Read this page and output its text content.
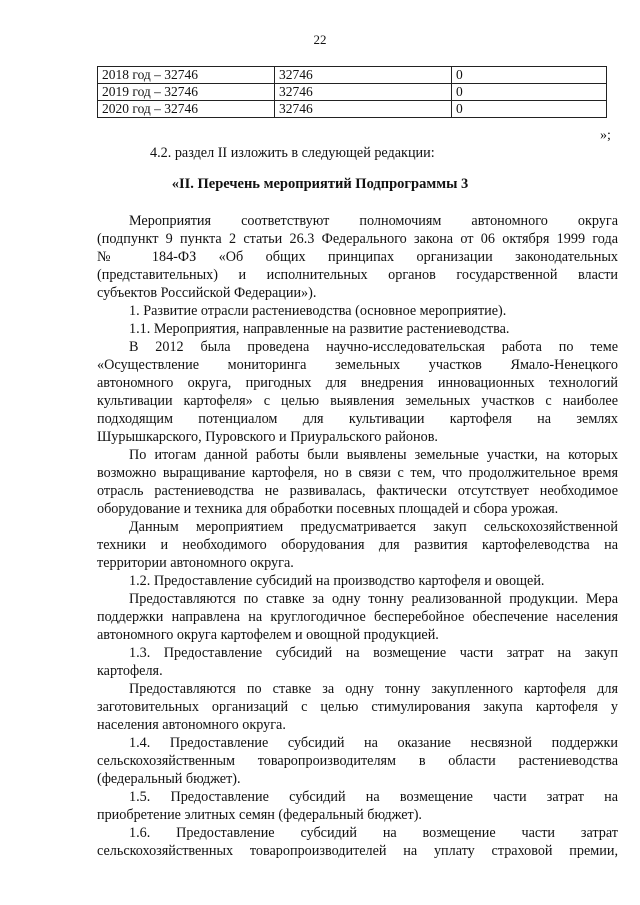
22
2018 год – 32746	32746	0
2019 год – 32746	32746	0
2020 год – 32746	32746	0
»;
4.2. раздел II изложить в следующей редакции:
«II. Перечень мероприятий Подпрограммы 3
Мероприятия соответствуют полномочиям автономного округа
(подпункт 9 пункта 2 статьи 26.3 Федерального закона от 06 октября 1999 года
№ 184-ФЗ «Об общих принципах организации законодательных
(представительных) и исполнительных органов государственной власти
субъектов Российской Федерации»).
1. Развитие отрасли растениеводства (основное мероприятие).
1.1. Мероприятия, направленные на развитие растениеводства.
В 2012 была проведена научно-исследовательская работа по теме
«Осуществление мониторинга земельных участков Ямало-Ненецкого
автономного округа, пригодных для внедрения инновационных технологий
культивации картофеля» с целью выявления земельных участков с наиболее
подходящим потенциалом для культивации картофеля на землях
Шурышкарского, Пуровского и Приуральского районов.
По итогам данной работы были выявлены земельные участки, на которых
возможно выращивание картофеля, но в связи с тем, что продолжительное время
отрасль растениеводства не развивалась, фактически отсутствует необходимое
оборудование и техника для обработки посевных площадей и сбора урожая.
Данным мероприятием предусматривается закуп сельскохозяйственной
техники и необходимого оборудования для развития картофелеводства на
территории автономного округа.
1.2. Предоставление субсидий на производство картофеля и овощей.
Предоставляются по ставке за одну тонну реализованной продукции. Мера
поддержки направлена на круглогодичное бесперебойное обеспечение населения
автономного округа картофелем и овощной продукцией.
1.3. Предоставление субсидий на возмещение части затрат на закуп
картофеля.
Предоставляются по ставке за одну тонну закупленного картофеля для
заготовительных организаций с целью стимулирования закупа картофеля у
населения автономного округа.
1.4. Предоставление субсидий на оказание несвязной поддержки
сельскохозяйственным товаропроизводителям в области растениеводства
(федеральный бюджет).
1.5. Предоставление субсидий на возмещение части затрат на
приобретение элитных семян (федеральный бюджет).
1.6. Предоставление субсидий на возмещение части затрат
сельскохозяйственных товаропроизводителей на уплату страховой премии,
